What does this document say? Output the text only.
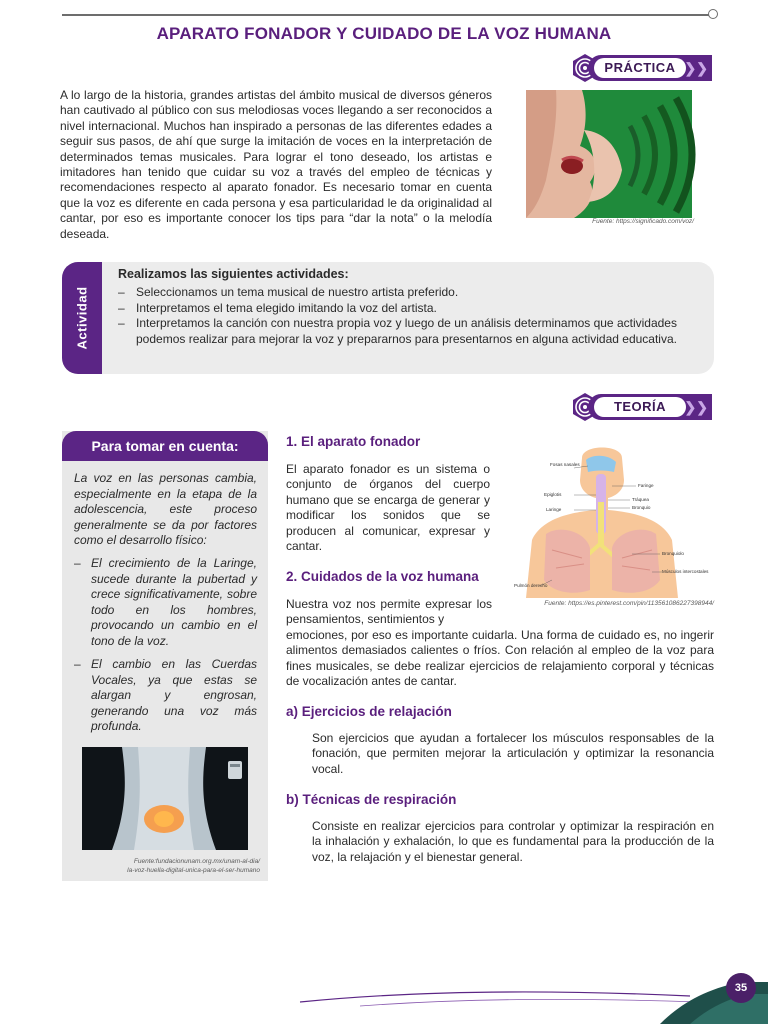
APARATO FONADOR Y CUIDADO DE LA VOZ HUMANA
PRÁCTICA ❯❯
A lo largo de la historia, grandes artistas del ámbito musical de diversos géneros han cautivado al público con sus melodiosas voces llegando a ser reconocidos a nivel internacional. Muchos han inspirado a personas de las diferentes edades a seguir sus pasos, de ahí que surge la imitación de voces en la interpretación de determinados temas musicales. Para lograr el tono deseado, los artistas e imitadores han tenido que cuidar su voz a través del empleo de técnicas y recomendaciones respecto al aparato fonador. Es necesario tomar en cuenta que la voz es diferente en cada persona y esa particularidad le da originalidad al cantar, por eso es importante conocer los tips para “dar la nota” o la melodía deseada.
Fuente: https://significado.com/voz/
Actividad
Realizamos las siguientes actividades:
– Seleccionamos un tema musical de nuestro artista preferido.
– Interpretamos el tema elegido imitando la voz del artista.
– Interpretamos la canción con nuestra propia voz y luego de un análisis determinamos que actividades podemos realizar para mejorar la voz y prepararnos para presentarnos en alguna actividad educativa.
TEORÍA	❯❯
Para tomar en cuenta:
La voz en las personas cambia, especialmente en la etapa de la adolescencia, este proceso generalmente se da por factores como el desarrollo físico:
– El crecimiento de la Laringe, sucede durante la pubertad y crece significativamente, sobre todo en los hombres, provocando un cambio en el tono de la voz.
– El cambio en las Cuerdas Vocales, ya que estas se alargan y engrosan, generando una voz más profunda.
Fuente:fundacionunam.org.mx/unam-al-dia/
la-voz-huella-digital-unica-para-el-ser-humano
1. El aparato fonador
El aparato fonador es un sistema o conjunto de órganos del cuerpo humano que se encarga de generar y modificar los sonidos que se producen al comunicar, expresar y cantar.
Fosas nasales
Faringe
Epiglotis
Tráquea
Laringe	Bronquio
Bronquiolo
Músculos intercostales
Pulmón derecho
Fuente: https://es.pinterest.com/pin/113561086227398944/
2. Cuidados de la voz humana
Nuestra voz nos permite expresar los pensamientos, sentimientos y
emociones, por eso es importante cuidarla. Una forma de cuidado es, no ingerir alimentos demasiados calientes o fríos. Con relación al empleo de la voz para fines musicales, se debe realizar ejercicios de relajamiento corporal y técnicas de vocalización antes de cantar.
a) Ejercicios de relajación
Son ejercicios que ayudan a fortalecer los músculos responsables de la fonación, que permiten mejorar la articulación y optimizar la resonancia vocal.
b) Técnicas de respiración
Consiste en realizar ejercicios para controlar y optimizar la respiración en la inhalación y exhalación, lo que es fundamental para la producción de la voz, la relajación y el bienestar general.
35
